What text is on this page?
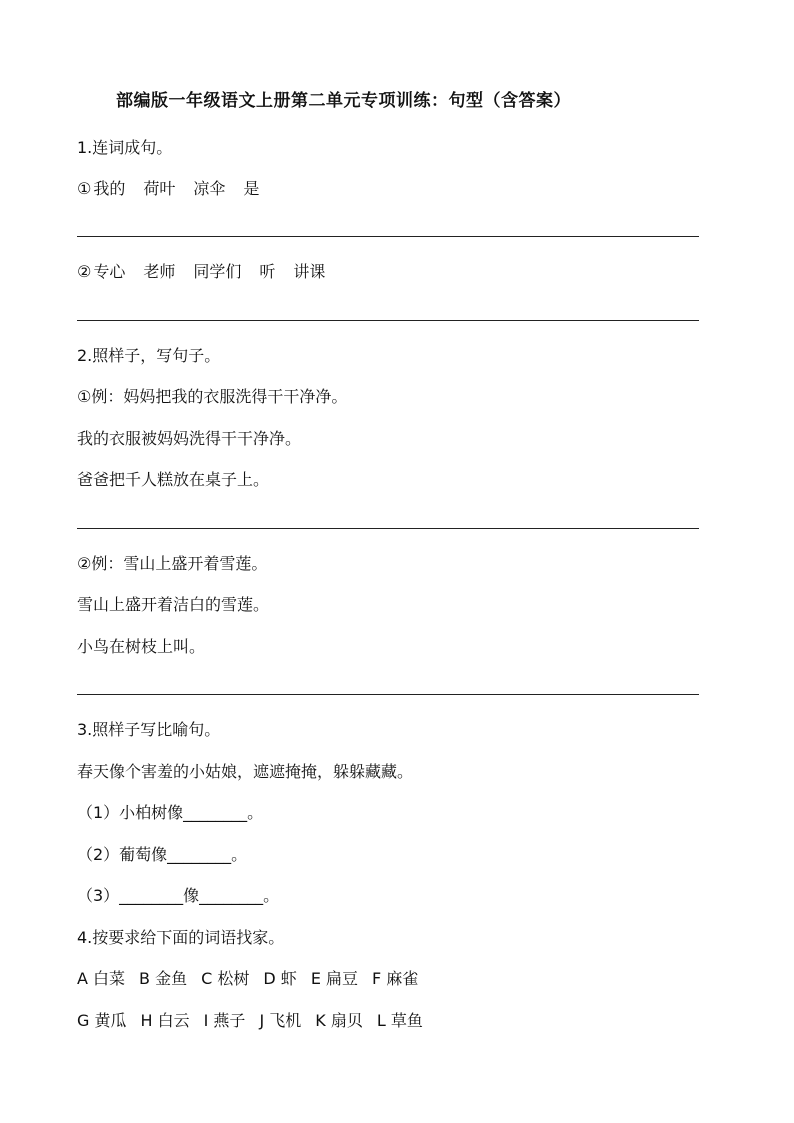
部编版一年级语文上册第二单元专项训练：句型（含答案）
1.连词成句。
① 我的 荷叶 凉伞 是
② 专心 老师 同学们 听 讲课
2.照样子，写句子。
①例：妈妈把我的衣服洗得干干净净。
我的衣服被妈妈洗得干干净净。
爸爸把千人糕放在桌子上。
②例：雪山上盛开着雪莲。
雪山上盛开着洁白的雪莲。
小鸟在树枝上叫。
3.照样子写比喻句。
春天像个害羞的小姑娘，遮遮掩掩，躲躲藏藏。
（1）小柏树像________。
（2）葡萄像________。
（3）________像________。
4.按要求给下面的词语找家。
A 白菜 B 金鱼 C 松树 D 虾 E 扁豆 F 麻雀
G 黄瓜 H 白云 I 燕子 J 飞机 K 扇贝 L 草鱼
